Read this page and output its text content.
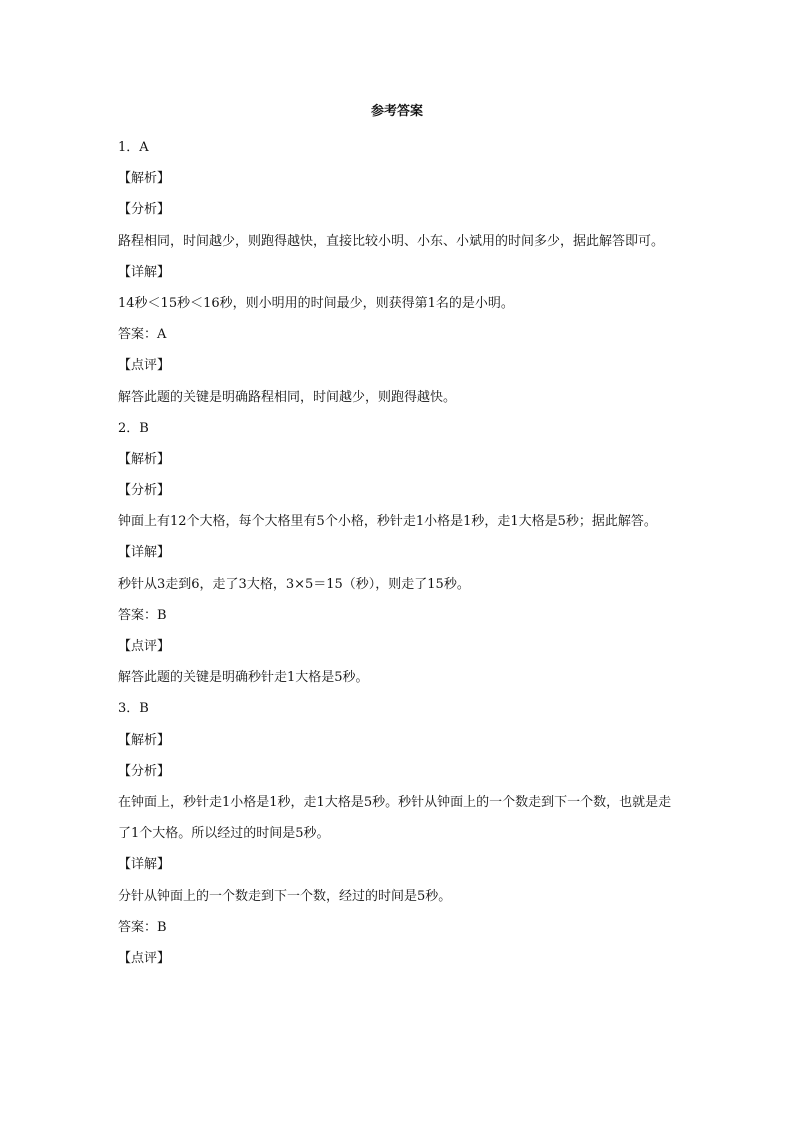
参考答案

1．A

【解析】

【分析】

路程相同，时间越少，则跑得越快，直接比较小明、小东、小斌用的时间多少，据此解答即可。

【详解】

14秒＜15秒＜16秒，则小明用的时间最少，则获得第1名的是小明。

答案：A

【点评】

解答此题的关键是明确路程相同，时间越少，则跑得越快。

2．B

【解析】

【分析】

钟面上有12个大格，每个大格里有5个小格，秒针走1小格是1秒，走1大格是5秒；据此解答。

【详解】

秒针从3走到6，走了3大格，3×5＝15（秒），则走了15秒。

答案：B

【点评】

解答此题的关键是明确秒针走1大格是5秒。

3．B

【解析】

【分析】

在钟面上，秒针走1小格是1秒，走1大格是5秒。秒针从钟面上的一个数走到下一个数，也就是走了1个大格。所以经过的时间是5秒。

【详解】

分针从钟面上的一个数走到下一个数，经过的时间是5秒。

答案：B

【点评】
